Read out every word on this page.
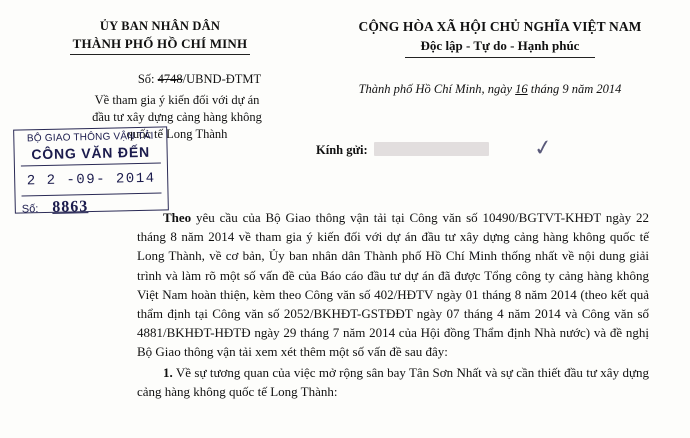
ỦY BAN NHÂN DÂN
THÀNH PHỐ HỒ CHÍ MINH
CỘNG HÒA XÃ HỘI CHỦ NGHĨA VIỆT NAM
Độc lập - Tự do - Hạnh phúc
Số: 4748/UBND-ĐTMT
Về tham gia ý kiến đối với dự án
đầu tư xây dựng cảng hàng không
quốc tế Long Thành
Thành phố Hồ Chí Minh, ngày 16 tháng 9 năm 2014
Kính gửi:	✓
BỘ GIAO THÔNG VẬN TẢI
CÔNG VĂN ĐẾN
2 2 -09- 2014
Số: 8863

Theo yêu cầu của Bộ Giao thông vận tải tại Công văn số 10490/BGTVT-KHĐT ngày 22 tháng 8 năm 2014 về tham gia ý kiến đối với dự án đầu tư xây dựng cảng hàng không quốc tế Long Thành, về cơ bản, Ủy ban nhân dân Thành phố Hồ Chí Minh thống nhất về nội dung giải trình và làm rõ một số vấn đề của Báo cáo đầu tư dự án đã được Tổng công ty cảng hàng không Việt Nam hoàn thiện, kèm theo Công văn số 402/HĐTV ngày 01 tháng 8 năm 2014 (theo kết quả thẩm định tại Công văn số 2052/BKHĐT-GSTĐĐT ngày 07 tháng 4 năm 2014 và Công văn số 4881/BKHĐT-HĐTĐ ngày 29 tháng 7 năm 2014 của Hội đồng Thẩm định Nhà nước) và đề nghị Bộ Giao thông vận tải xem xét thêm một số vấn đề sau đây:

1. Về sự tương quan của việc mở rộng sân bay Tân Sơn Nhất và sự cần thiết đầu tư xây dựng cảng hàng không quốc tế Long Thành:
